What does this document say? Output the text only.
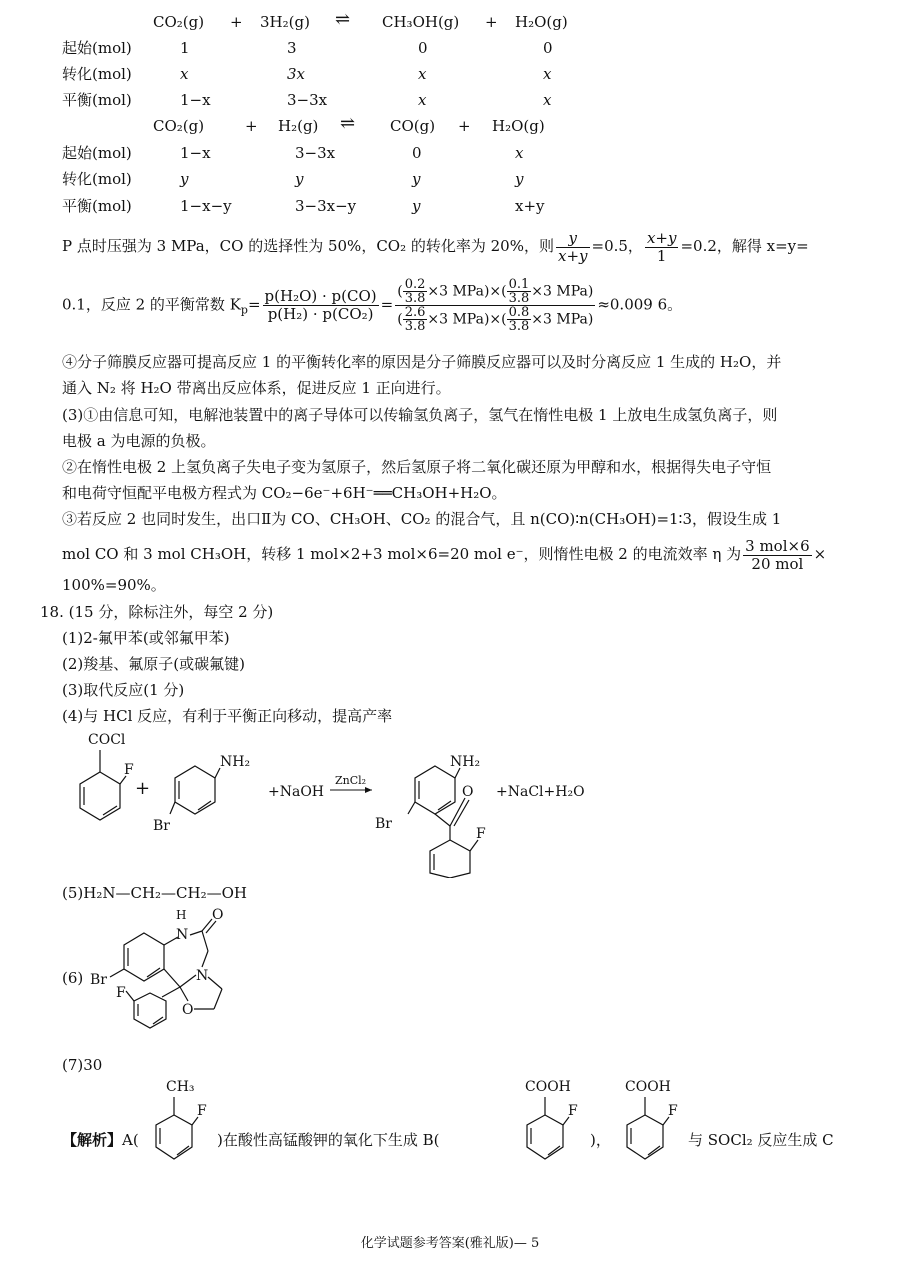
CO₂(g) + 3H₂(g) ⇌ CH₃OH(g) + H₂O(g)
起始(mol)	1	3	0	0
转化(mol)	x	3x	x	x
平衡(mol)	1−x	3−3x	x	x
CO₂(g)	+ H₂(g) ⇌ CO(g) + H₂O(g)
起始(mol)	1−x	3−3x	0	x
转化(mol)	y	y	y	y
平衡(mol)	1−x−y	3−3x−y	y	x+y
P 点时压强为 3 MPa，CO 的选择性为 50%，CO₂ 的转化率为 20%，则 $\frac{y}{x+y} =0.5$， $\frac{x+y}{1} =0.2$，解得 x=y=
0.1，反应 2 的平衡常数 $K_p= \frac{\text{p(H₂O) · p(CO)}}{\text{p(H₂) · p(CO₂)}} = \frac{( \frac{0.2}{3.8} \times 3 MPa)\times( \frac{0.1}{3.8} \times 3 MPa)}{( \frac{2.6}{3.8} \times 3 MPa)\times( \frac{0.8}{3.8} \times 3 MPa)} \approx 0.009$ 6。
④分子筛膜反应器可提高反应 1 的平衡转化率的原因是分子筛膜反应器可以及时分离反应 1 生成的 H₂O，并
通入 N₂ 将 H₂O 带离出反应体系，促进反应 1 正向进行。
(3)①由信息可知，电解池装置中的离子导体可以传输氢负离子，氢气在惰性电极 1 上放电生成氢负离子，则
电极 a 为电源的负极。
②在惰性电极 2 上氢负离子失电子变为氢原子，然后氢原子将二氧化碳还原为甲醇和水，根据得失电子守恒
和电荷守恒配平电极方程式为 CO₂−6e⁻+6H⁻══CH₃OH+H₂O。
③若反应 2 也同时发生，出口Ⅱ为 CO、CH₃OH、CO₂ 的混合气，且 n(CO)∶n(CH₃OH)=1∶3，假设生成 1
mol CO 和 3 mol CH₃OH，转移 1 mol×2+3 mol×6=20 mol e⁻，则惰性电极 2 的电流效率 η 为 $\frac{\text{3 mol×6}}{\text{20 mol}}$ ×
100%=90%。
18. (15 分，除标注外，每空 2 分)
(1)2-氟甲苯(或邻氟甲苯)
(2)羧基、氟原子(或碳氟键)
(3)取代反应(1 分)
(4)与 HCl 反应，有利于平衡正向移动，提高产率
COCl
F
+
NH₂
Br
+NaOH
ZnCl₂
NH₂
Br
O
F
+NaCl+H₂O
(5)H₂N—CH₂—CH₂—OH
(6) Br
N
H O
N
O
F
(7)30
【解析】A(
CH₃
F
COOH
F
COOH
F
)在酸性高锰酸钾的氧化下生成 B(	)，	与 SOCl₂ 反应生成 C
化学试题参考答案(雅礼版)— 5
